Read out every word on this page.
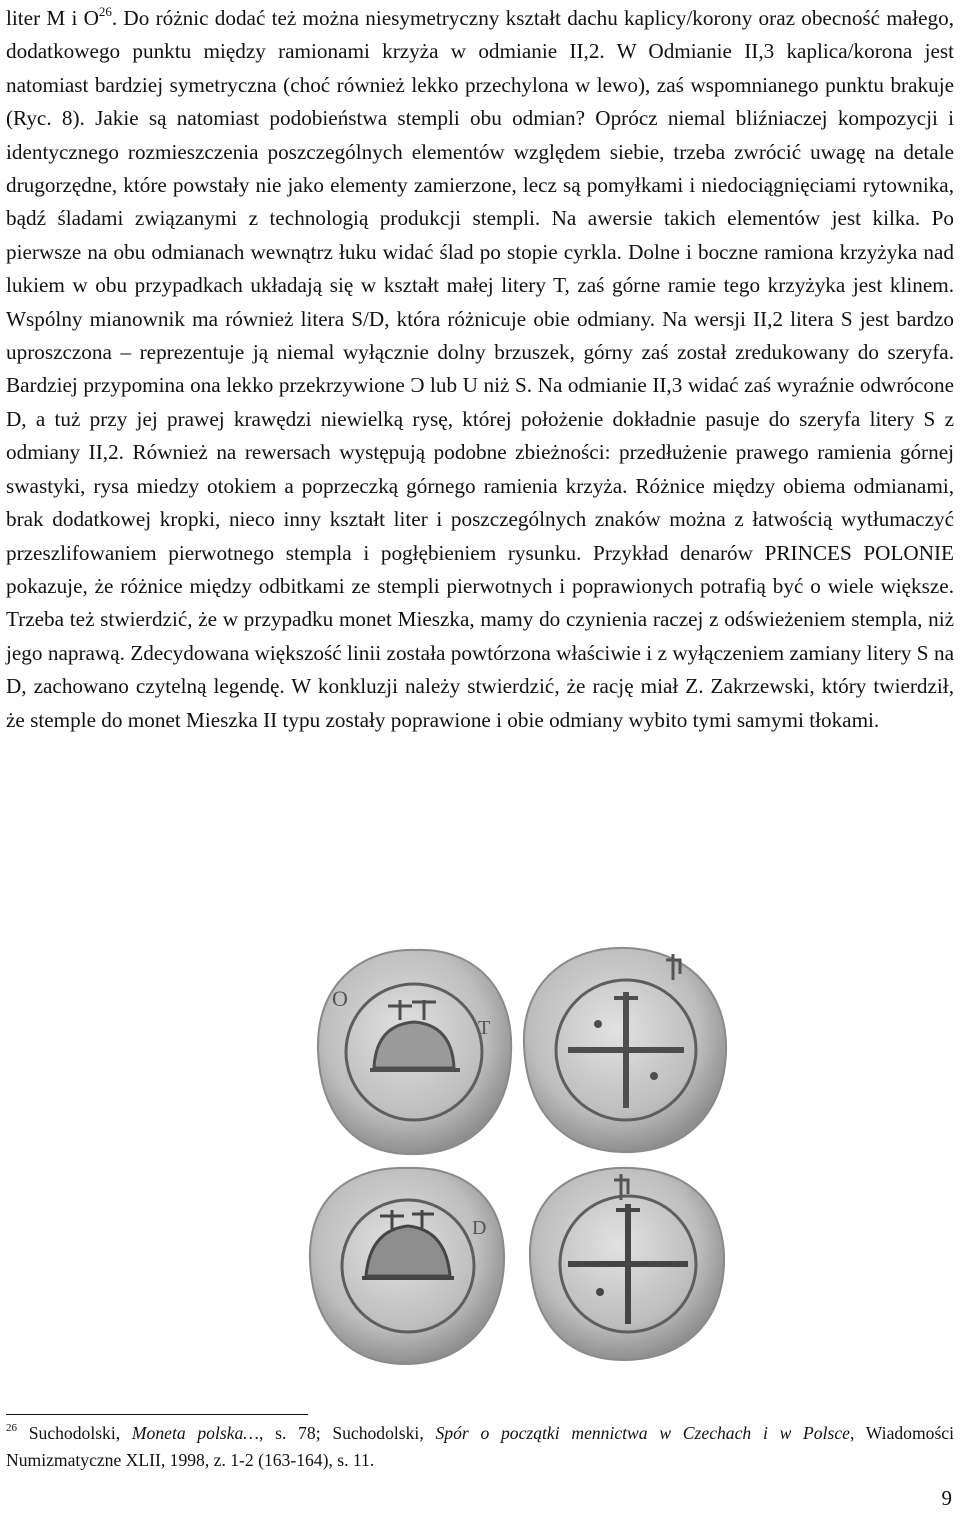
liter M i $O^{26}$. Do różnic dodać też można niesymetryczny kształt dachu kaplicy/korony oraz obecność małego, dodatkowego punktu między ramionami krzyża w odmianie II,2. W Odmianie II,3 kaplica/korona jest natomiast bardziej symetryczna (choć również lekko przechylona w lewo), zaś wspomnianego punktu brakuje (Ryc. 8). Jakie są natomiast podobieństwa stempli obu odmian? Oprócz niemal bliźniaczej kompozycji i identycznego rozmieszczenia poszczególnych elementów względem siebie, trzeba zwrócić uwagę na detale drugorzędne, które powstały nie jako elementy zamierzone, lecz są pomyłkami i niedociągnięciami rytownika, bądź śladami związanymi z technologią produkcji stempli. Na awersie takich elementów jest kilka. Po pierwsze na obu odmianach wewnątrz łuku widać ślad po stopie cyrkla. Dolne i boczne ramiona krzyżyka nad lukiem w obu przypadkach układają się w kształt małej litery T, zaś górne ramie tego krzyżyka jest klinem. Wspólny mianownik ma również litera S/D, która różnicuje obie odmiany. Na wersji II,2 litera S jest bardzo uproszczona – reprezentuje ją niemal wyłącznie dolny brzuszek, górny zaś został zredukowany do szeryfa. Bardziej przypomina ona lekko przekrzywione Ɔ lub U niż S. Na odmianie II,3 widać zaś wyraźnie odwrócone D, a tuż przy jej prawej krawędzi niewielką rysę, której położenie dokładnie pasuje do szeryfa litery S z odmiany II,2. Również na rewersach występują podobne zbieżności: przedłużenie prawego ramienia górnej swastyki, rysa miedzy otokiem a poprzeczką górnego ramienia krzyża. Różnice między obiema odmianami, brak dodatkowej kropki, nieco inny kształt liter i poszczególnych znaków można z łatwością wytłumaczyć przeszlifowaniem pierwotnego stempla i pogłębieniem rysunku. Przykład denarów PRINCES POLONIE pokazuje, że różnice między odbitkami ze stempli pierwotnych i poprawionych potrafią być o wiele większe. Trzeba też stwierdzić, że w przypadku monet Mieszka, mamy do czynienia raczej z odświeżeniem stempla, niż jego naprawą. Zdecydowana większość linii została powtórzona właściwie i z wyłączeniem zamiany litery S na D, zachowano czytelną legendę. W konkluzji należy stwierdzić, że rację miał Z. Zakrzewski, który twierdził, że stemple do monet Mieszka II typu zostały poprawione i obie odmiany wybito tymi samymi tłokami.
O
T
D
$^{26}$ Suchodolski, Moneta polska…, s. 78; Suchodolski, Spór o początki mennictwa w Czechach i w Polsce, Wiadomości Numizmatyczne XLII, 1998, z. 1-2 (163-164), s. 11.
9
